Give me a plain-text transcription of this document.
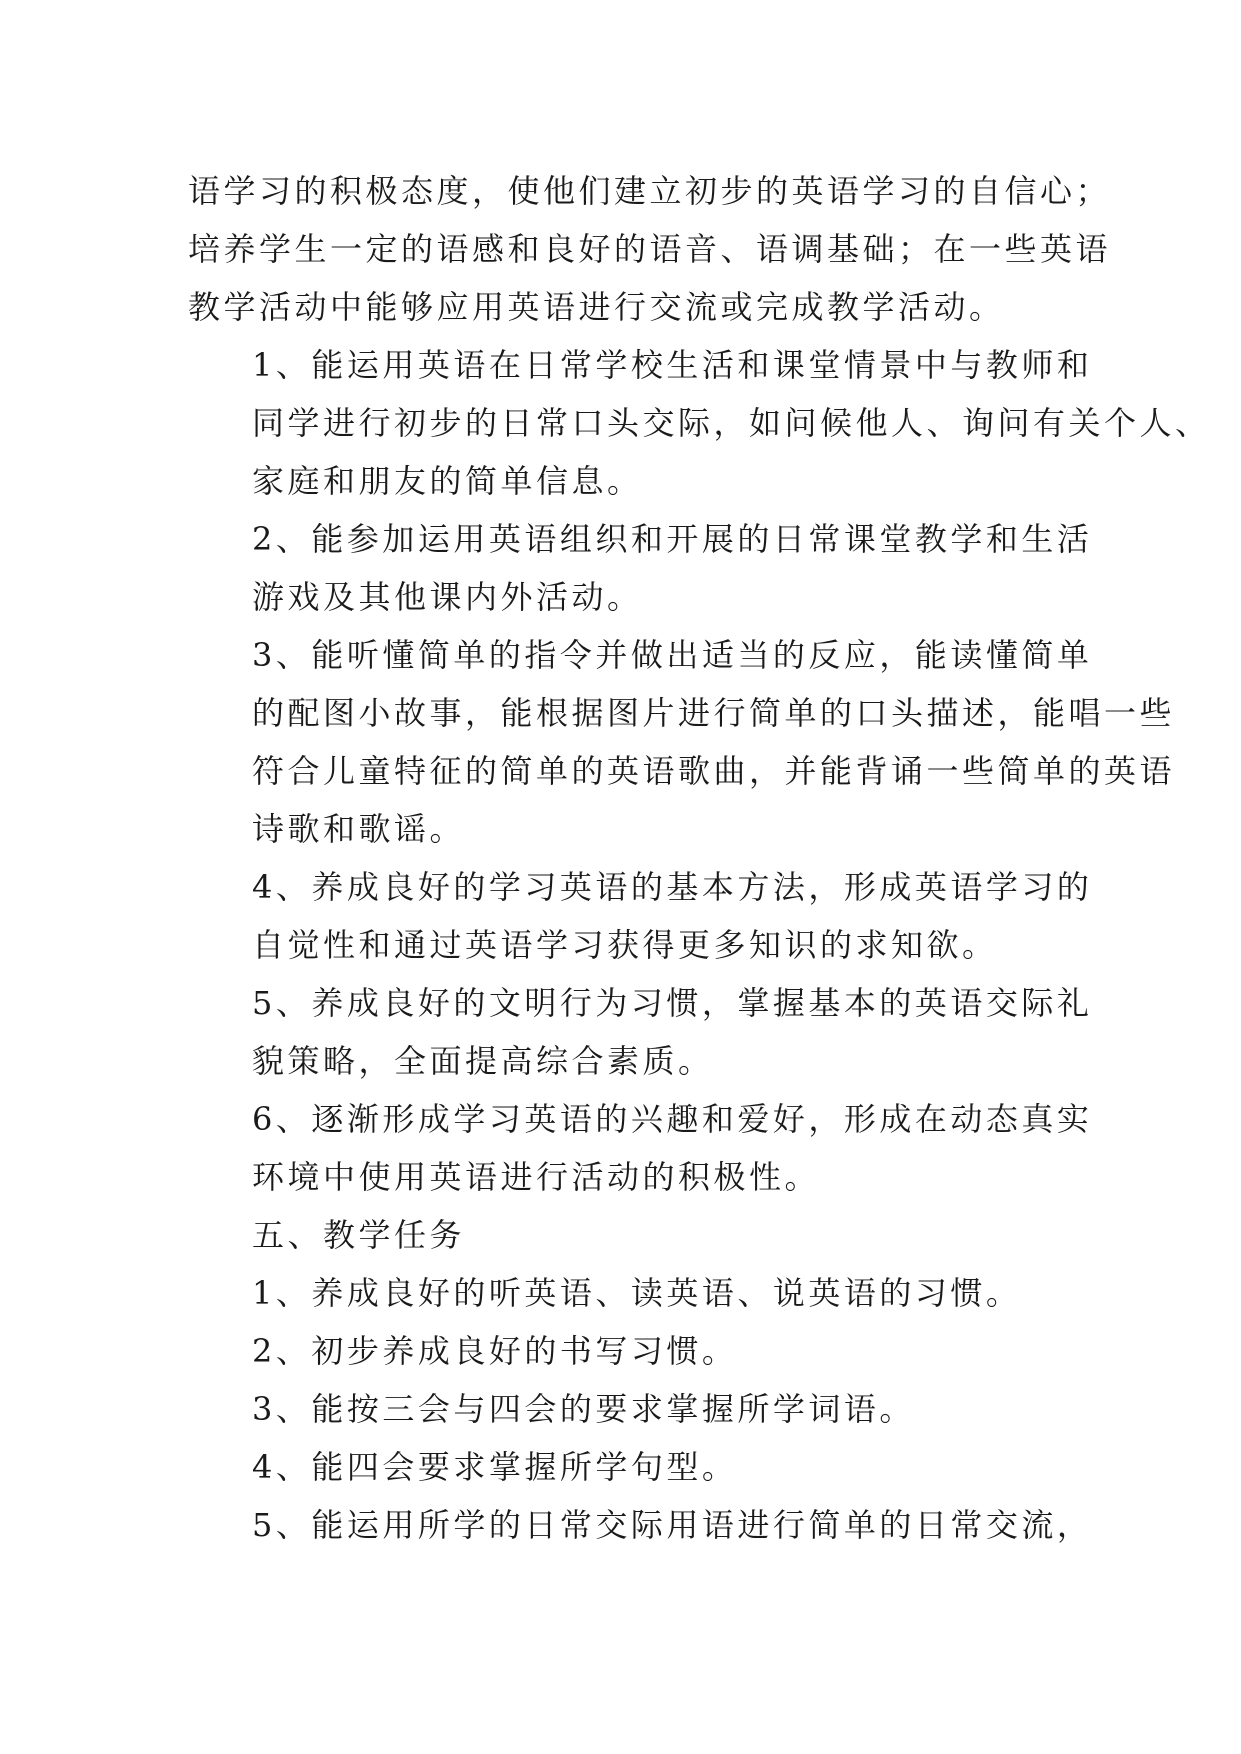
语学习的积极态度，使他们建立初步的英语学习的自信心；
培养学生一定的语感和良好的语音、语调基础；在一些英语
教学活动中能够应用英语进行交流或完成教学活动。
1、能运用英语在日常学校生活和课堂情景中与教师和
同学进行初步的日常口头交际，如问候他人、询问有关个人、
家庭和朋友的简单信息。
2、能参加运用英语组织和开展的日常课堂教学和生活
游戏及其他课内外活动。
3、能听懂简单的指令并做出适当的反应，能读懂简单
的配图小故事，能根据图片进行简单的口头描述，能唱一些
符合儿童特征的简单的英语歌曲，并能背诵一些简单的英语
诗歌和歌谣。
4、养成良好的学习英语的基本方法，形成英语学习的
自觉性和通过英语学习获得更多知识的求知欲。
5、养成良好的文明行为习惯，掌握基本的英语交际礼
貌策略，全面提高综合素质。
6、逐渐形成学习英语的兴趣和爱好，形成在动态真实
环境中使用英语进行活动的积极性。
五、教学任务
1、养成良好的听英语、读英语、说英语的习惯。
2、初步养成良好的书写习惯。
3、能按三会与四会的要求掌握所学词语。
4、能四会要求掌握所学句型。
5、能运用所学的日常交际用语进行简单的日常交流，
